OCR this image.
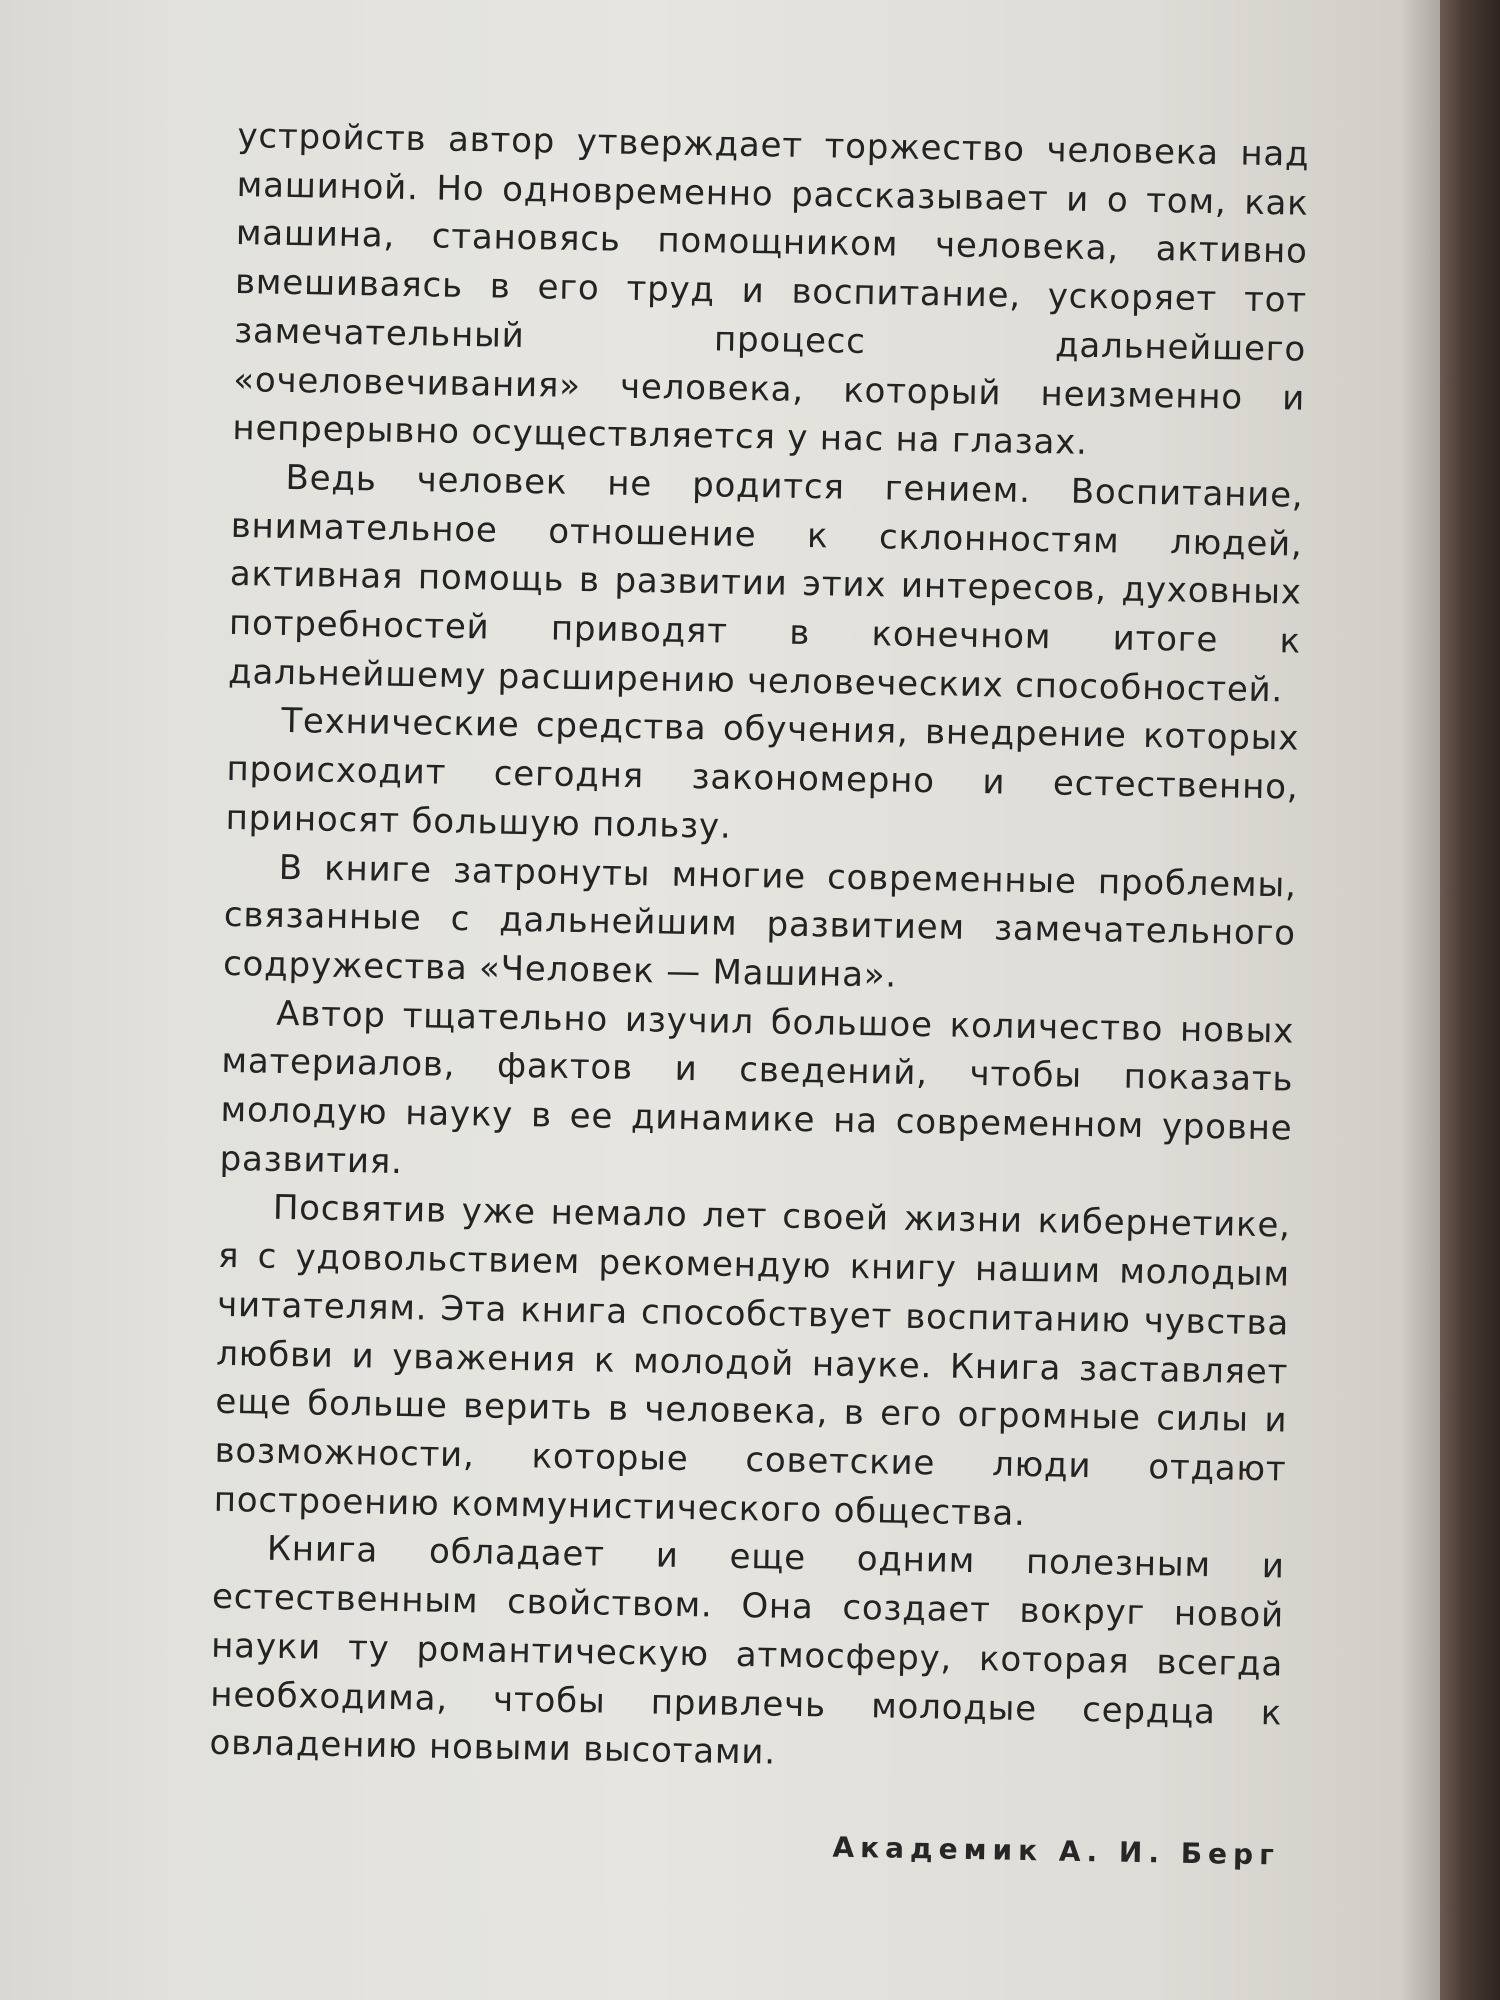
устройств автор утверждает торжество человека над машиной. Но одновременно рассказывает и о том, как машина, становясь помощником человека, активно вмешиваясь в его труд и воспитание, ускоряет тот замечательный процесс дальнейшего «очеловечивания» человека, который неизменно и непрерывно осуществляется у нас на глазах.

Ведь человек не родится гением. Воспитание, внимательное отношение к склонностям людей, активная помощь в развитии этих интересов, духовных потребностей приводят в конечном итоге к дальнейшему расширению человеческих способностей.

Технические средства обучения, внедрение которых происходит сегодня закономерно и естественно, приносят большую пользу.

В книге затронуты многие современные проблемы, связанные с дальнейшим развитием замечательного содружества «Человек — Машина».

Автор тщательно изучил большое количество новых материалов, фактов и сведений, чтобы показать молодую науку в ее динамике на современном уровне развития.

Посвятив уже немало лет своей жизни кибернетике, я с удовольствием рекомендую книгу нашим молодым читателям. Эта книга способствует воспитанию чувства любви и уважения к молодой науке. Книга заставляет еще больше верить в человека, в его огромные силы и возможности, которые советские люди отдают построению коммунистического общества.

Книга обладает и еще одним полезным и естественным свойством. Она создает вокруг новой науки ту романтическую атмосферу, которая всегда необходима, чтобы привлечь молодые сердца к овладению новыми высотами.

Академик А. И. Берг
